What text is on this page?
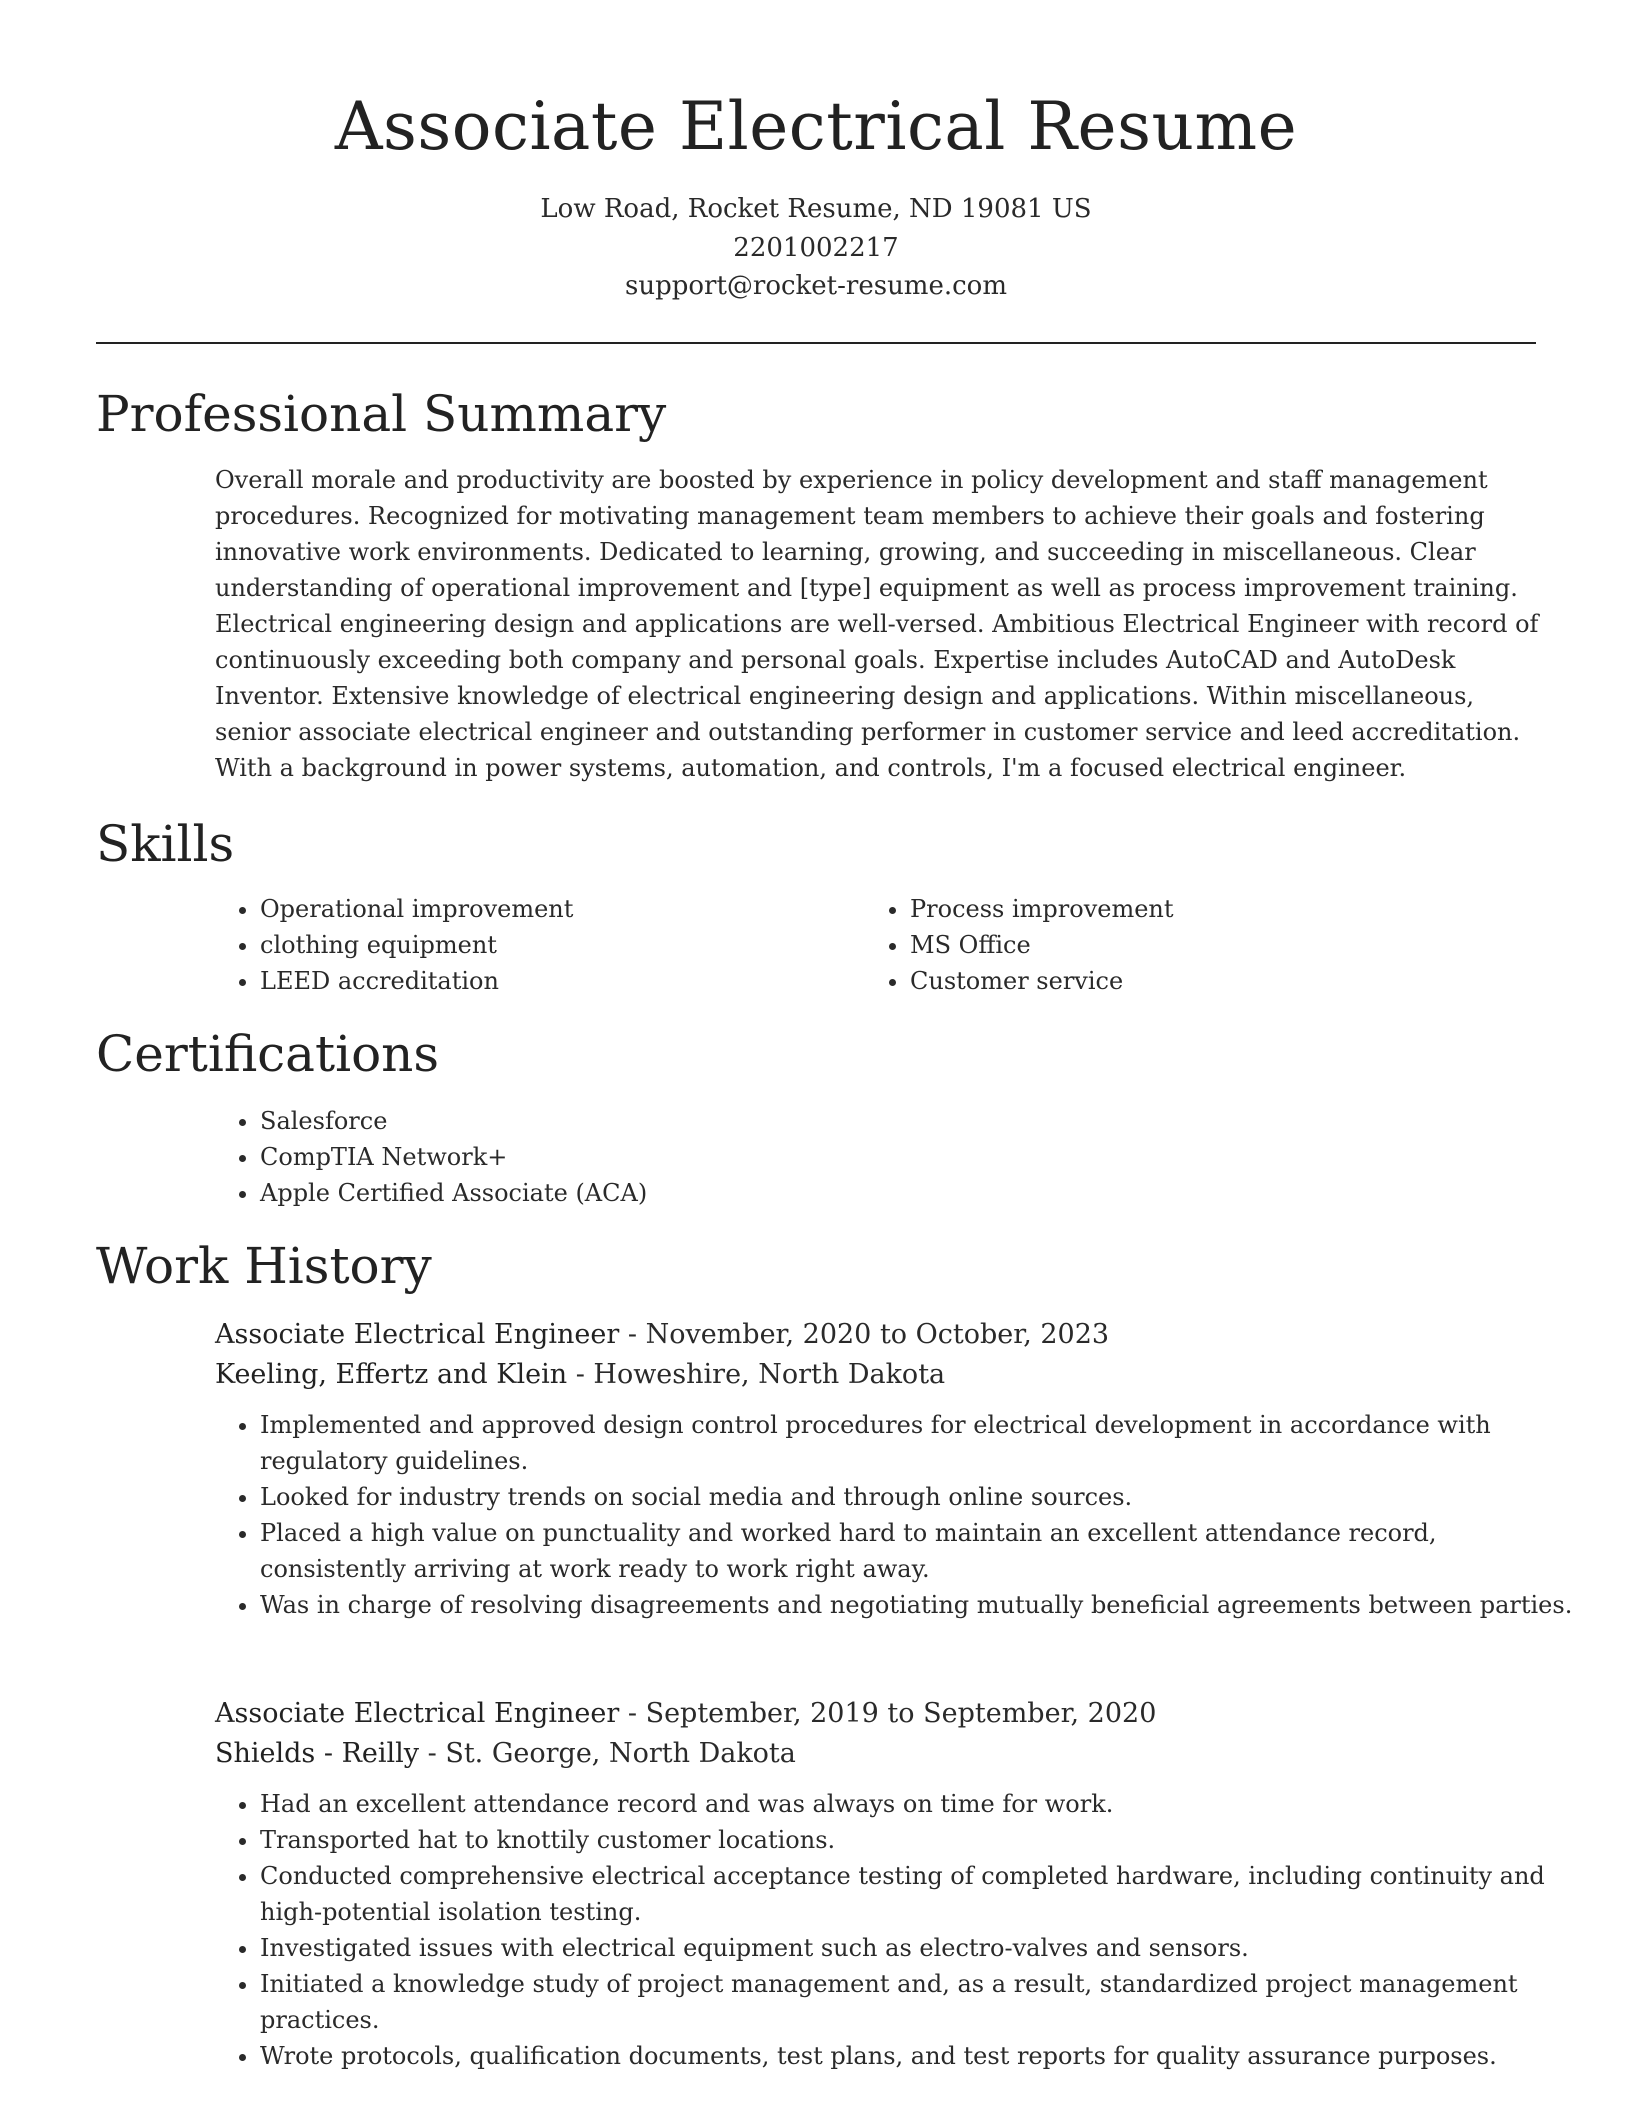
Associate Electrical Resume
Low Road, Rocket Resume, ND 19081 US
2201002217
support@rocket-resume.com
Professional Summary

Overall morale and productivity are boosted by experience in policy development and staff management procedures. Recognized for motivating management team members to achieve their goals and fostering innovative work environments. Dedicated to learning, growing, and succeeding in miscellaneous. Clear understanding of operational improvement and [type] equipment as well as process improvement training. Electrical engineering design and applications are well-versed. Ambitious Electrical Engineer with record of continuously exceeding both company and personal goals. Expertise includes AutoCAD and AutoDesk Inventor. Extensive knowledge of electrical engineering design and applications. Within miscellaneous, senior associate electrical engineer and outstanding performer in customer service and leed accreditation. With a background in power systems, automation, and controls, I'm a focused electrical engineer.

Skills
• Operational improvement
• clothing equipment
• LEED accreditation
• Process improvement
• MS Office
• Customer service
Certifications
• Salesforce
• CompTIA Network+
• Apple Certified Associate (ACA)
Work History
Associate Electrical Engineer - November, 2020 to October, 2023
Keeling, Effertz and Klein - Howeshire, North Dakota
• Implemented and approved design control procedures for electrical development in accordance with regulatory guidelines.
• Looked for industry trends on social media and through online sources.
• Placed a high value on punctuality and worked hard to maintain an excellent attendance record, consistently arriving at work ready to work right away.
• Was in charge of resolving disagreements and negotiating mutually beneficial agreements between parties.
Associate Electrical Engineer - September, 2019 to September, 2020
Shields - Reilly - St. George, North Dakota
• Had an excellent attendance record and was always on time for work.
• Transported hat to knottily customer locations.
• Conducted comprehensive electrical acceptance testing of completed hardware, including continuity and high-potential isolation testing.
• Investigated issues with electrical equipment such as electro-valves and sensors.
• Initiated a knowledge study of project management and, as a result, standardized project management practices.
• Wrote protocols, qualification documents, test plans, and test reports for quality assurance purposes.
